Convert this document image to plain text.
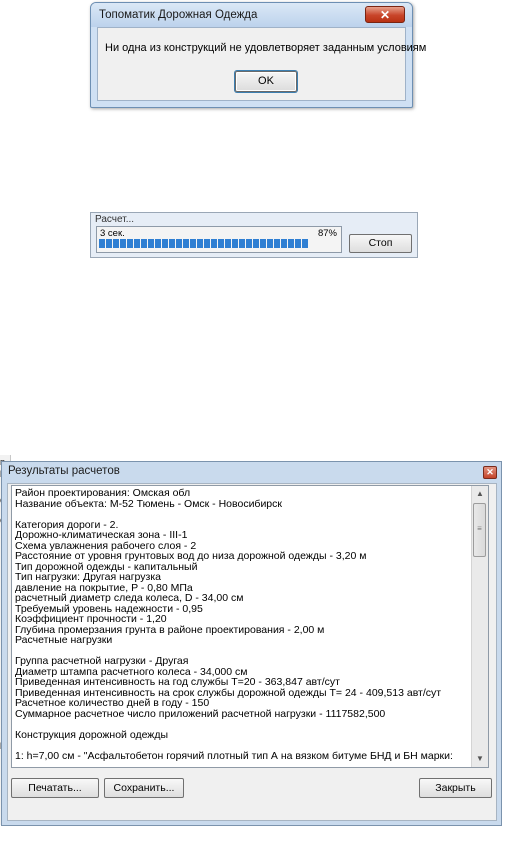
Топоматик Дорожная Одежда	✕
Ни одна из конструкций не удовлетворяет заданным условиям
OK
Расчет...
3 сек.	87%
Стоп
Результаты расчетов	✕
Район проектирования: Омская обл
Название объекта: М-52 Тюмень - Омск - Новосибирск
Категория дороги - 2.
Дорожно-климатическая зона - III-1
Схема увлажнения рабочего слоя - 2
Расстояние от уровня грунтовых вод до низа дорожной одежды - 3,20 м
Тип дорожной одежды - капитальный
Тип нагрузки: Другая нагрузка
давление на покрытие, P - 0,80 МПа
расчетный диаметр следа колеса, D - 34,00 см
Требуемый уровень надежности - 0,95
Коэффициент прочности - 1,20
Глубина промерзания грунта в районе проектирования - 2,00 м
Расчетные нагрузки
Группа расчетной нагрузки - Другая
Диаметр штампа расчетного колеса - 34,000 см
Приведенная интенсивность на год службы T=20 - 363,847 авт/сут
Приведенная интенсивность на срок службы дорожной одежды T= 24 - 409,513 авт/сут
Расчетное количество дней в году - 150
Суммарное расчетное число приложений расчетной нагрузки - 1117582,500
Конструкция дорожной одежды
1: h=7,00 см - "Асфальтобетон горячий плотный тип А на вязком битуме БНД и БН марки:
▲
≡
▼
Печатать...	Сохранить...	Закрыть
